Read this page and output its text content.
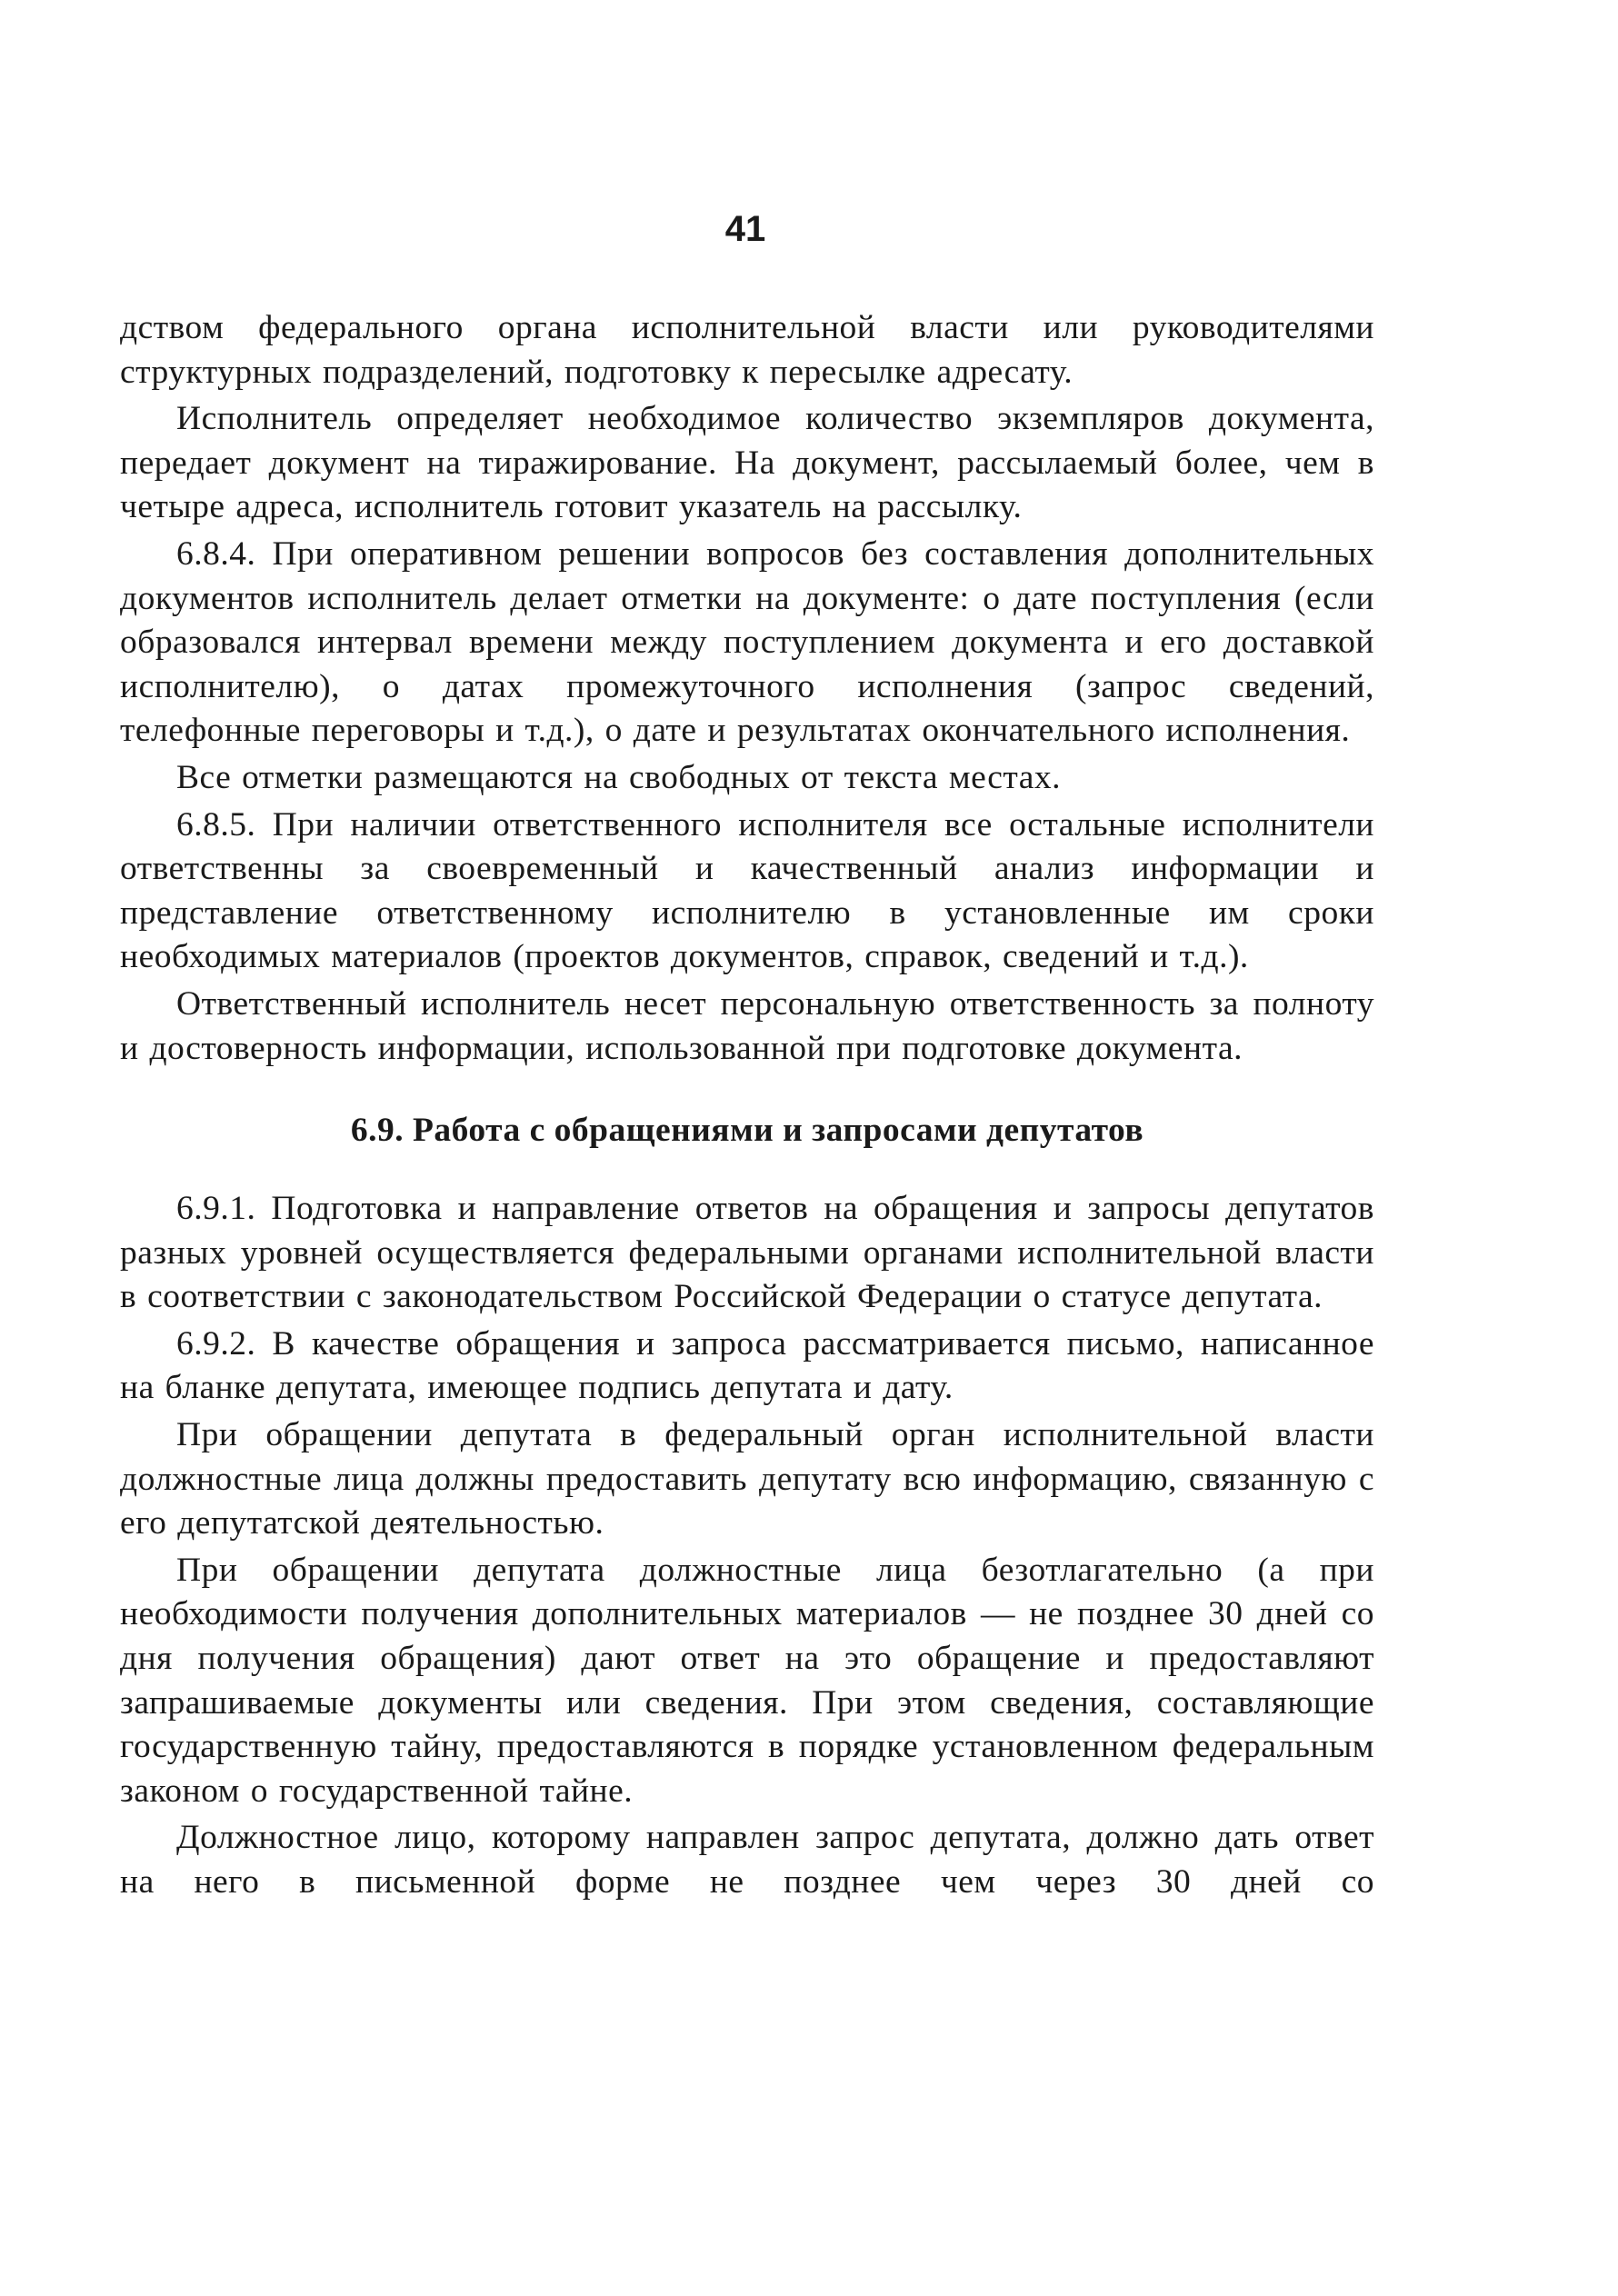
41

дством федерального органа исполнительной власти или руководителями структурных подразделений, подготовку к пересылке адресату.

Исполнитель определяет необходимое количество экземпляров документа, передает документ на тиражирование. На документ, рассылаемый более, чем в четыре адреса, исполнитель готовит указатель на рассылку.

6.8.4. При оперативном решении вопросов без составления дополнительных документов исполнитель делает отметки на документе: о дате поступления (если образовался интервал времени между поступлением документа и его доставкой исполнителю), о датах промежуточного исполнения (запрос сведений, телефонные переговоры и т.д.), о дате и результатах окончательного исполнения.

Все отметки размещаются на свободных от текста местах.

6.8.5. При наличии ответственного исполнителя все остальные исполнители ответственны за своевременный и качественный анализ информации и представление ответственному исполнителю в установленные им сроки необходимых материалов (проектов документов, справок, сведений и т.д.).

Ответственный исполнитель несет персональную ответственность за полноту и достоверность информации, использованной при подготовке документа.

6.9. Работа с обращениями и запросами депутатов

6.9.1. Подготовка и направление ответов на обращения и запросы депутатов разных уровней осуществляется федеральными органами исполнительной власти в соответствии с законодательством Российской Федерации о статусе депутата.

6.9.2. В качестве обращения и запроса рассматривается письмо, написанное на бланке депутата, имеющее подпись депутата и дату.

При обращении депутата в федеральный орган исполнительной власти должностные лица должны предоставить депутату всю информацию, связанную с его депутатской деятельностью.

При обращении депутата должностные лица безотлагательно (а при необходимости получения дополнительных материалов — не позднее 30 дней со дня получения обращения) дают ответ на это обращение и предоставляют запрашиваемые документы или сведения. При этом сведения, составляющие государственную тайну, предоставляются в порядке установленном федеральным законом о государственной тайне.

Должностное лицо, которому направлен запрос депутата, должно дать ответ на него в письменной форме не позднее чем через 30 дней со
